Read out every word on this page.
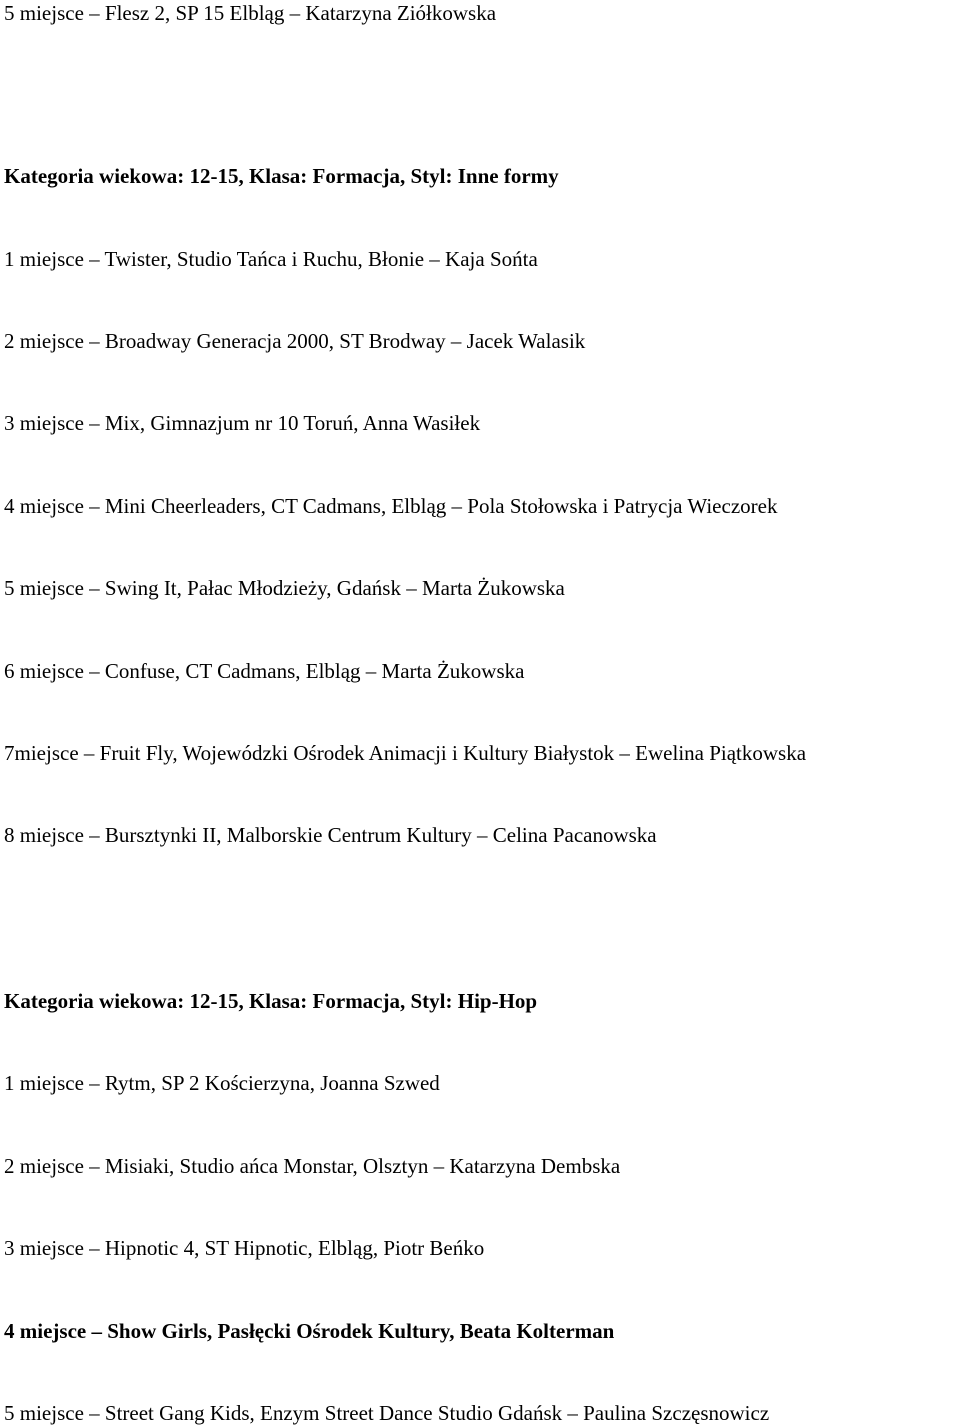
5 miejsce – Flesz 2, SP 15 Elbląg – Katarzyna Ziółkowska
Kategoria wiekowa: 12-15, Klasa: Formacja, Styl: Inne formy
1 miejsce – Twister, Studio Tańca i Ruchu, Błonie – Kaja Sońta
2 miejsce – Broadway Generacja 2000, ST Brodway – Jacek Walasik
3 miejsce – Mix, Gimnazjum nr 10 Toruń, Anna Wasiłek
4 miejsce – Mini Cheerleaders, CT Cadmans, Elbląg – Pola Stołowska i Patrycja Wieczorek
5 miejsce – Swing It, Pałac Młodzieży, Gdańsk – Marta Żukowska
6 miejsce – Confuse, CT Cadmans, Elbląg – Marta Żukowska
7miejsce – Fruit Fly, Wojewódzki Ośrodek Animacji i Kultury Białystok – Ewelina Piątkowska
8 miejsce – Bursztynki II, Malborskie Centrum Kultury – Celina Pacanowska
Kategoria wiekowa: 12-15, Klasa: Formacja, Styl: Hip-Hop
1 miejsce – Rytm, SP 2 Kościerzyna, Joanna Szwed
2 miejsce – Misiaki, Studio ańca Monstar, Olsztyn – Katarzyna Dembska
3 miejsce – Hipnotic 4, ST Hipnotic, Elbląg, Piotr Beńko
4 miejsce – Show Girls, Pasłęcki Ośrodek Kultury, Beata Kolterman
5 miejsce – Street Gang Kids, Enzym Street Dance Studio Gdańsk – Paulina Szczęsnowicz
